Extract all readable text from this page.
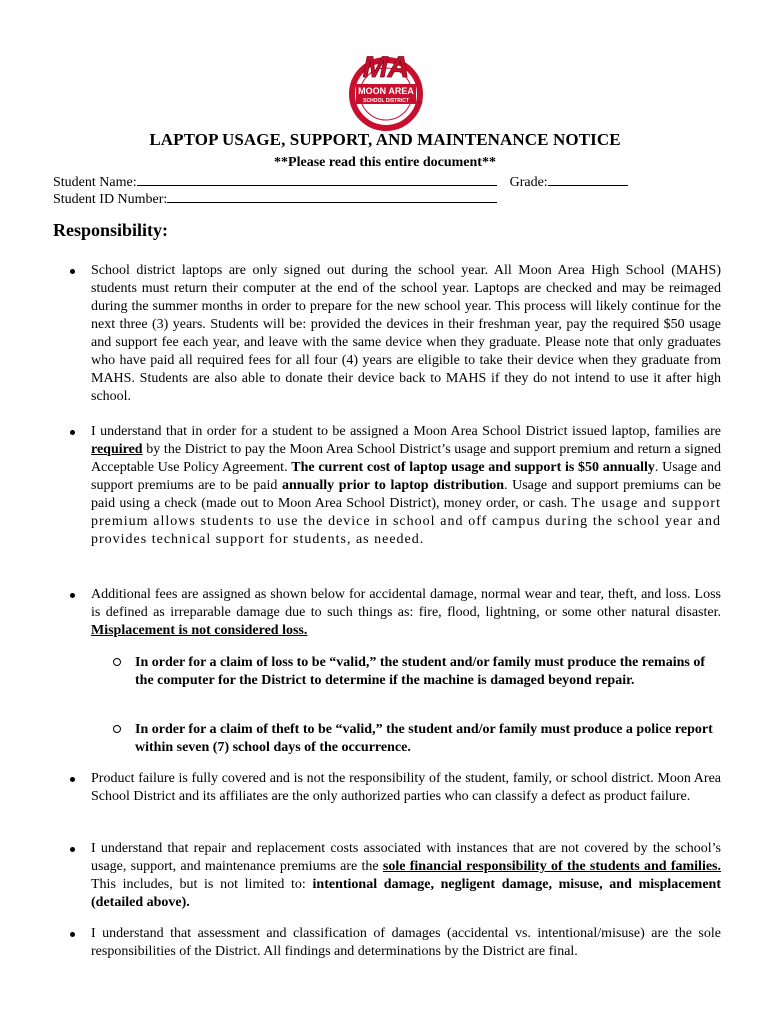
MA
MOON AREA
SCHOOL DISTRICT TM
LAPTOP USAGE, SUPPORT, AND MAINTENANCE NOTICE
**Please read this entire document**
Student Name:	Grade:
Student ID Number:
Responsibility:
School district laptops are only signed out during the school year. All Moon Area High School (MAHS) students must return their computer at the end of the school year. Laptops are checked and may be reimaged during the summer months in order to prepare for the new school year. This process will likely continue for the next three (3) years. Students will be: provided the devices in their freshman year, pay the required $50 usage and support fee each year, and leave with the same device when they graduate. Please note that only graduates who have paid all required fees for all four (4) years are eligible to take their device when they graduate from MAHS. Students are also able to donate their device back to MAHS if they do not intend to use it after high school.
I understand that in order for a student to be assigned a Moon Area School District issued laptop, families are required by the District to pay the Moon Area School District’s usage and support premium and return a signed Acceptable Use Policy Agreement. The current cost of laptop usage and support is $50 annually. Usage and support premiums are to be paid annually prior to laptop distribution. Usage and support premiums can be paid using a check (made out to Moon Area School District), money order, or cash. The usage and support premium allows students to use the device in school and off campus during the school year and provides technical support for students, as needed.
Additional fees are assigned as shown below for accidental damage, normal wear and tear, theft, and loss. Loss is defined as irreparable damage due to such things as: fire, flood, lightning, or some other natural disaster. Misplacement is not considered loss.
In order for a claim of loss to be “valid,” the student and/or family must produce the remains of the computer for the District to determine if the machine is damaged beyond repair.
In order for a claim of theft to be “valid,” the student and/or family must produce a police report within seven (7) school days of the occurrence.
Product failure is fully covered and is not the responsibility of the student, family, or school district. Moon Area School District and its affiliates are the only authorized parties who can classify a defect as product failure.
I understand that repair and replacement costs associated with instances that are not covered by the school’s usage, support, and maintenance premiums are the sole financial responsibility of the students and families. This includes, but is not limited to: intentional damage, negligent damage, misuse, and misplacement (detailed above).
I understand that assessment and classification of damages (accidental vs. intentional/misuse) are the sole responsibilities of the District. All findings and determinations by the District are final.
